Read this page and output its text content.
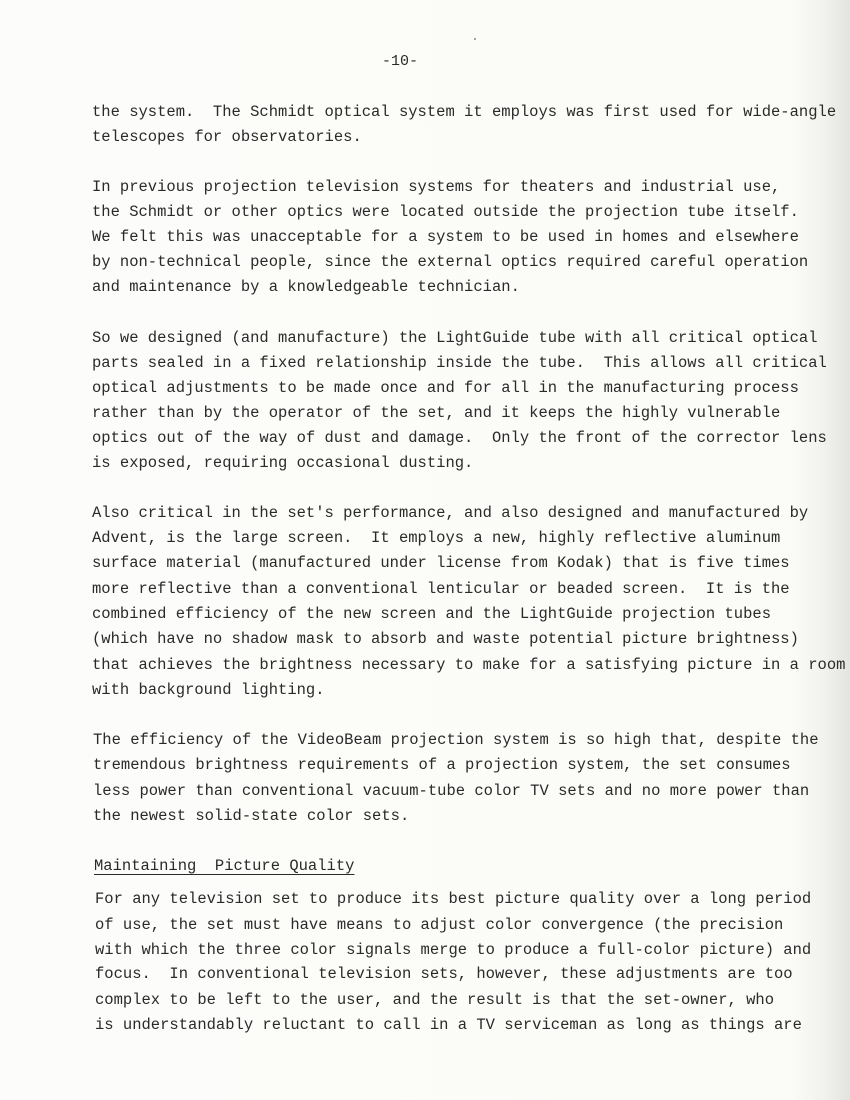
-10-
the system.  The Schmidt optical system it employs was first used for wide-angle
telescopes for observatories.
In previous projection television systems for theaters and industrial use,
the Schmidt or other optics were located outside the projection tube itself.
We felt this was unacceptable for a system to be used in homes and elsewhere
by non-technical people, since the external optics required careful operation
and maintenance by a knowledgeable technician.
So we designed (and manufacture) the LightGuide tube with all critical optical
parts sealed in a fixed relationship inside the tube.  This allows all critical
optical adjustments to be made once and for all in the manufacturing process
rather than by the operator of the set, and it keeps the highly vulnerable
optics out of the way of dust and damage.  Only the front of the corrector lens
is exposed, requiring occasional dusting.
Also critical in the set's performance, and also designed and manufactured by
Advent, is the large screen.  It employs a new, highly reflective aluminum
surface material (manufactured under license from Kodak) that is five times
more reflective than a conventional lenticular or beaded screen.  It is the
combined efficiency of the new screen and the LightGuide projection tubes
(which have no shadow mask to absorb and waste potential picture brightness)
that achieves the brightness necessary to make for a satisfying picture in a room
with background lighting.
The efficiency of the VideoBeam projection system is so high that, despite the
tremendous brightness requirements of a projection system, the set consumes
less power than conventional vacuum-tube color TV sets and no more power than
the newest solid-state color sets.
Maintaining  Picture Quality
For any television set to produce its best picture quality over a long period
of use, the set must have means to adjust color convergence (the precision
with which the three color signals merge to produce a full-color picture) and
focus.  In conventional television sets, however, these adjustments are too
complex to be left to the user, and the result is that the set-owner, who
is understandably reluctant to call in a TV serviceman as long as things are
